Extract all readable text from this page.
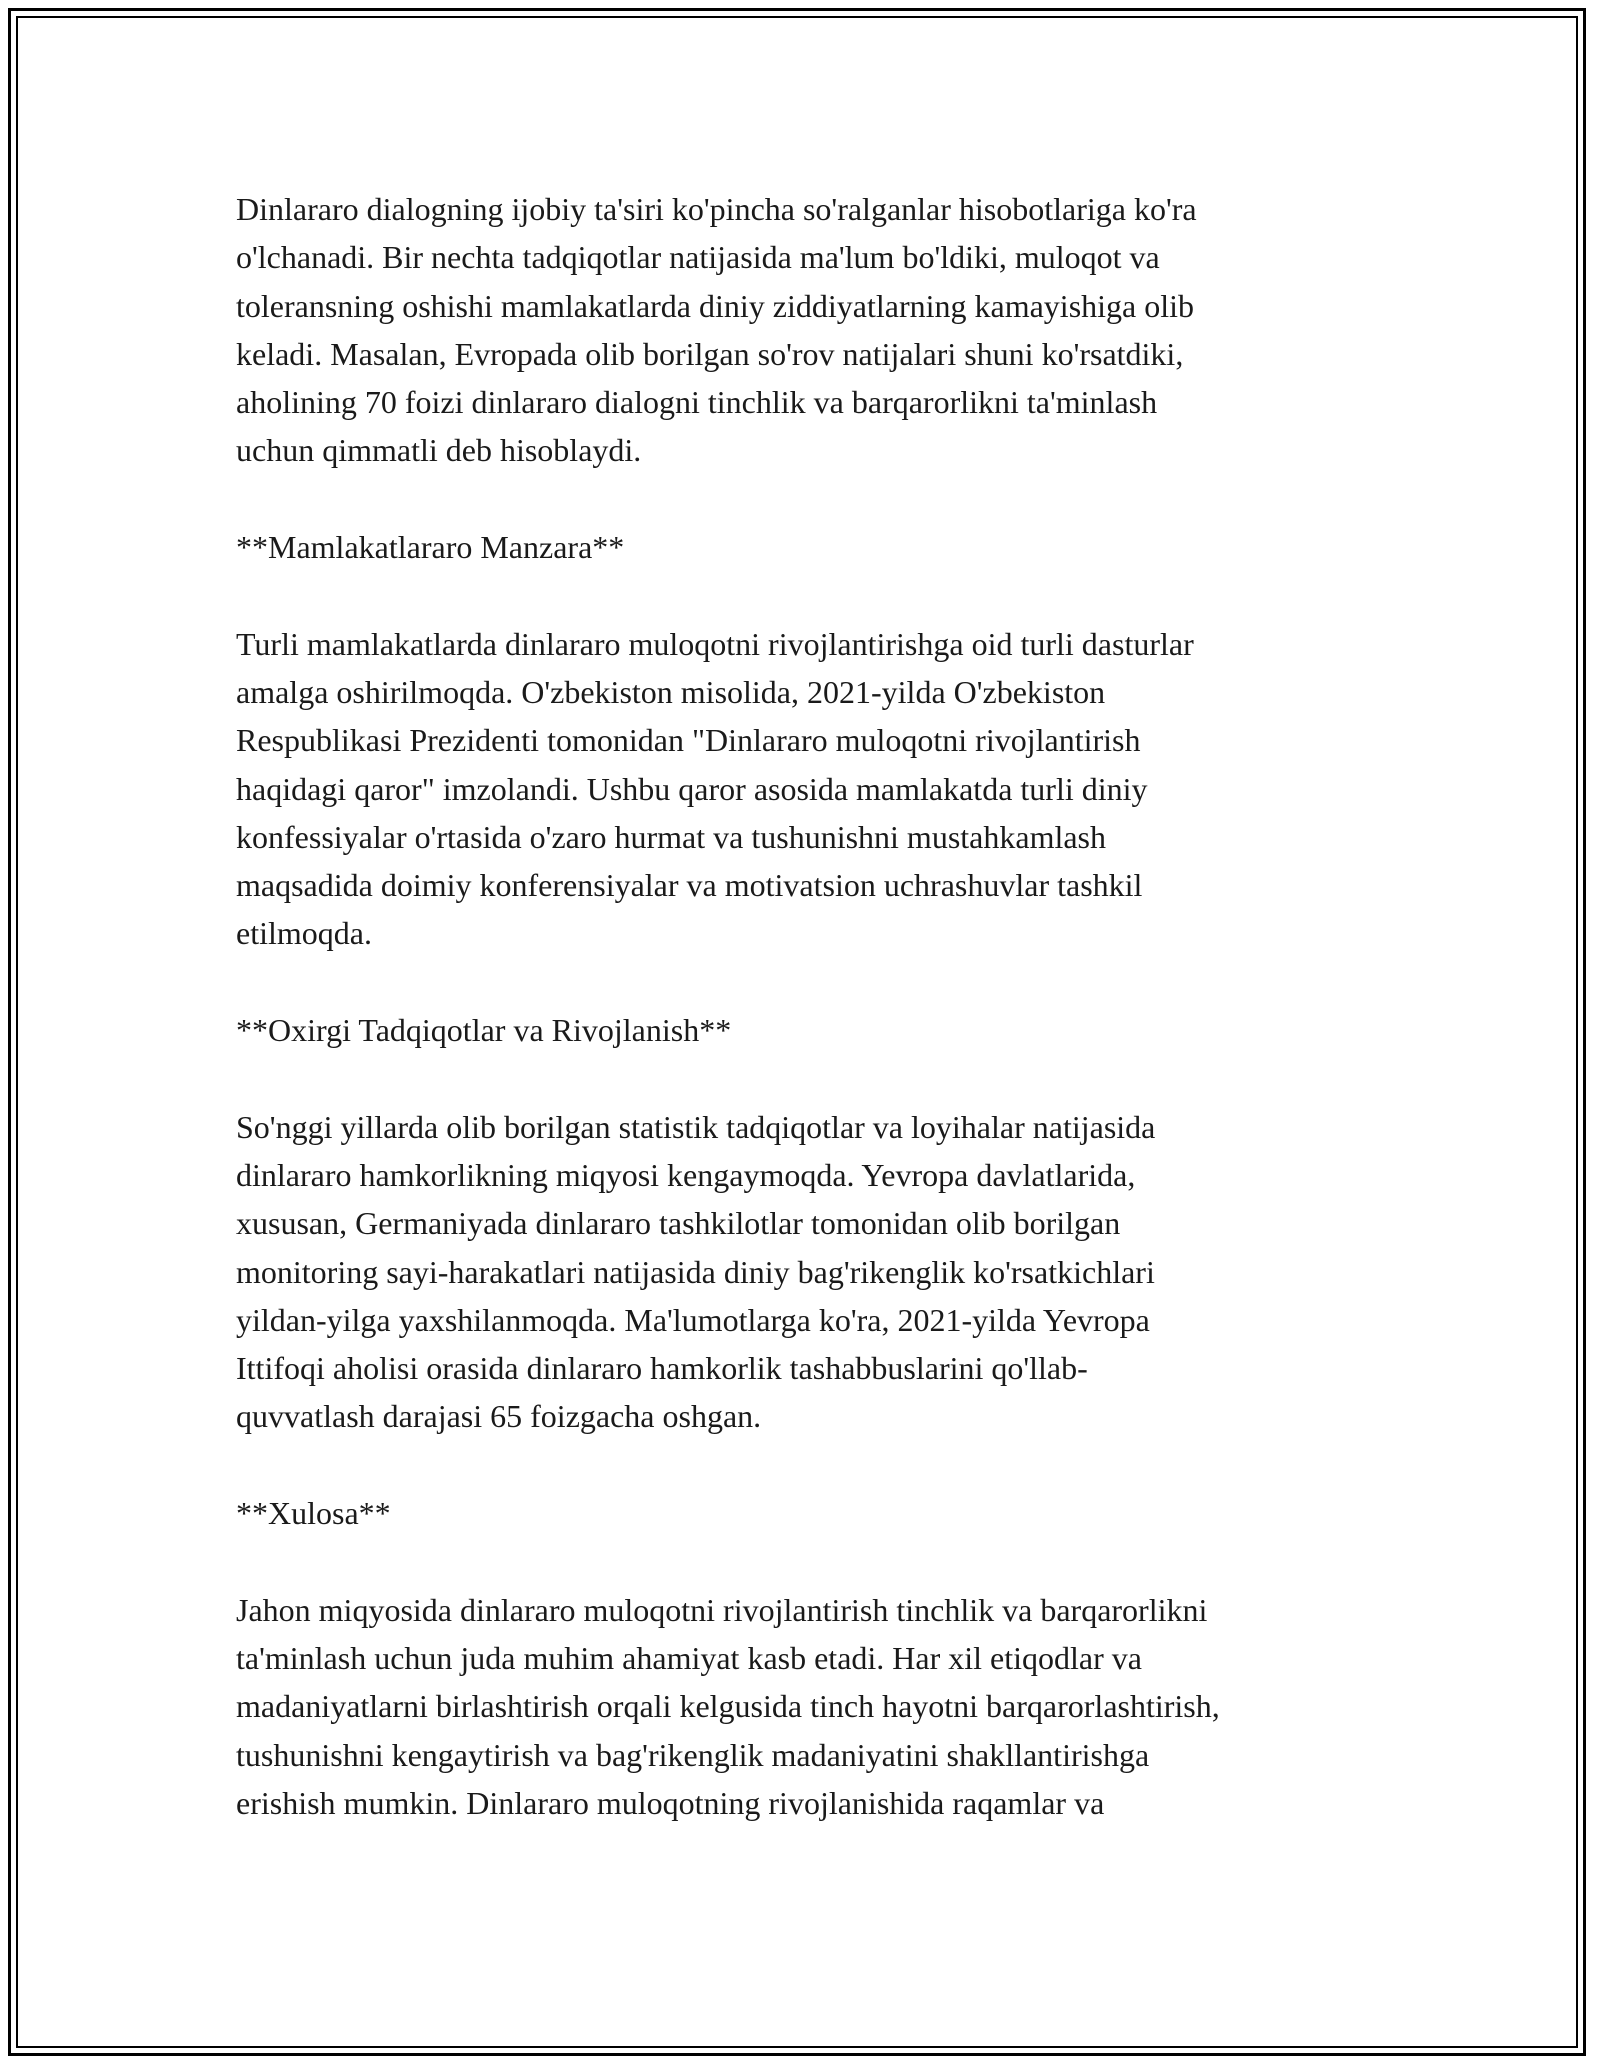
Dinlararo dialogning ijobiy ta'siri ko'pincha so'ralganlar hisobotlariga ko'ra
o'lchanadi. Bir nechta tadqiqotlar natijasida ma'lum bo'ldiki, muloqot va
toleransning oshishi mamlakatlarda diniy ziddiyatlarning kamayishiga olib
keladi. Masalan, Evropada olib borilgan so'rov natijalari shuni ko'rsatdiki,
aholining 70 foizi dinlararo dialogni tinchlik va barqarorlikni ta'minlash
uchun qimmatli deb hisoblaydi.
**Mamlakatlararo Manzara**
Turli mamlakatlarda dinlararo muloqotni rivojlantirishga oid turli dasturlar
amalga oshirilmoqda. O'zbekiston misolida, 2021-yilda O'zbekiston
Respublikasi Prezidenti tomonidan "Dinlararo muloqotni rivojlantirish
haqidagi qaror" imzolandi. Ushbu qaror asosida mamlakatda turli diniy
konfessiyalar o'rtasida o'zaro hurmat va tushunishni mustahkamlash
maqsadida doimiy konferensiyalar va motivatsion uchrashuvlar tashkil
etilmoqda.
**Oxirgi Tadqiqotlar va Rivojlanish**
So'nggi yillarda olib borilgan statistik tadqiqotlar va loyihalar natijasida
dinlararo hamkorlikning miqyosi kengaymoqda. Yevropa davlatlarida,
xususan, Germaniyada dinlararo tashkilotlar tomonidan olib borilgan
monitoring sayi-harakatlari natijasida diniy bag'rikenglik ko'rsatkichlari
yildan-yilga yaxshilanmoqda. Ma'lumotlarga ko'ra, 2021-yilda Yevropa
Ittifoqi aholisi orasida dinlararo hamkorlik tashabbuslarini qo'llab-
quvvatlash darajasi 65 foizgacha oshgan.
**Xulosa**
Jahon miqyosida dinlararo muloqotni rivojlantirish tinchlik va barqarorlikni
ta'minlash uchun juda muhim ahamiyat kasb etadi. Har xil etiqodlar va
madaniyatlarni birlashtirish orqali kelgusida tinch hayotni barqarorlashtirish,
tushunishni kengaytirish va bag'rikenglik madaniyatini shakllantirishga
erishish mumkin. Dinlararo muloqotning rivojlanishida raqamlar va
